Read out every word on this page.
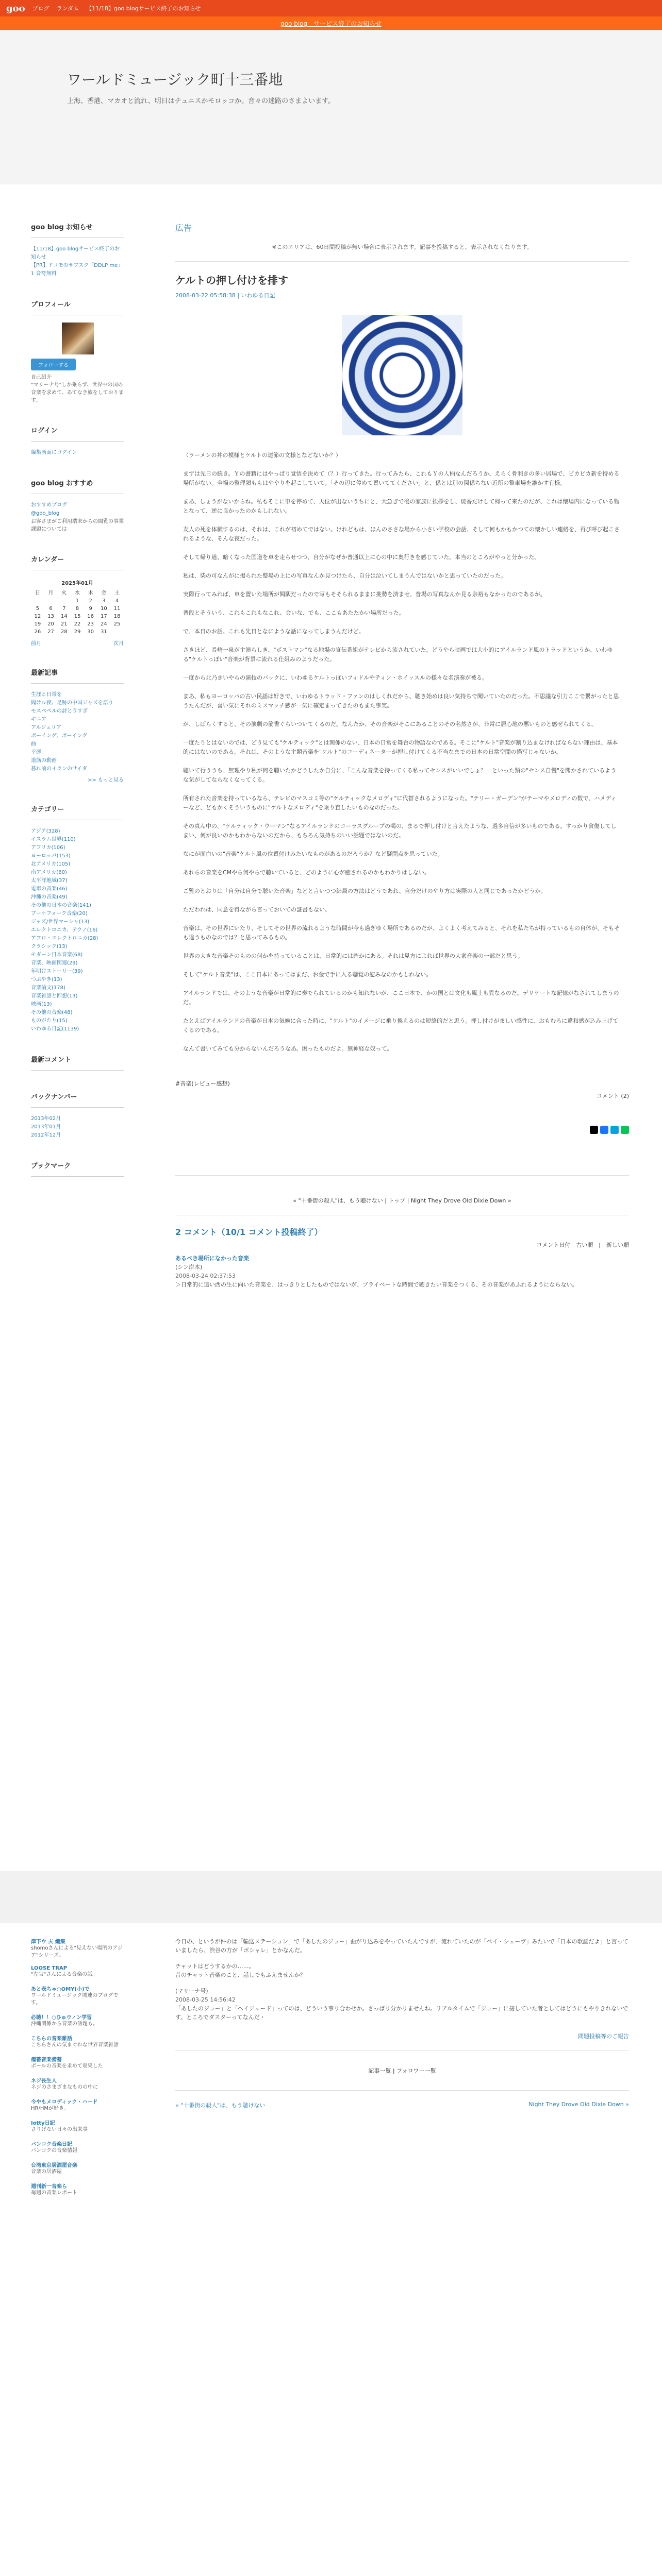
goo ブログ ランダム 【11/18】goo blogサービス終了のお知らせ
goo blog　サービス終了のお知らせ
ワールドミュージック町十三番地

上海、香港、マカオと流れ、明日はチュニスかモロッコか。音々の迷路のさまよいます。

goo blog お知らせ
【11/18】goo blogサービス終了のお知らせ
【PR】ドコモのサブスク「DDLP me」1 音符無料
プロフィール
フォローする
自己紹介
"マリーナ号"しか乗らず、世界中の国の音楽を求めて、あてなき旅をしております。
ログイン
編集画面にログイン
goo blog おすすめ
おすすめブログ
@goo_blog
お客さまがご利用端末からの閲覧の事業課題については
カレンダー
2025年01月						
日	月	火	水	木	金	土
			1	2	3	4
5	6	7	8	9	10	11
12	13	14	15	16	17	18
19	20	21	22	23	24	25
26	27	28	29	30	31	
前月	次月
最新記事
生涯と日常を
聞けル夜、足跡の中国ジャズを語り
モスペペルの詩とうすぎ
ギニア
アルジェリア
ボーイング、ボーイング
曲
幸運
道筋の動画
暮れ前のイランのサイダ
>> もっと見る
カテゴリー
アジア(328)
イスラム世界(110)
アフリカ(106)
ヨーロッパ(153)
北アメリカ(105)
南アメリカ(60)
太平洋地域(37)
電車の音楽(46)
沖縄の音楽(49)
その他の日本の音楽(141)
ブーケフォーク音楽(20)
ジャズ/世界マーシャ(13)
エレクトロニカ、テクノ(16)
アフロ・エレクトロニカ(28)
クラシック(13)
モダーン日本音楽(68)
音楽、映画関連(29)
年明けストーリー(39)
つぶやき(13)
音楽論文(178)
音楽雑話と回想(13)
映画(13)
その他の音楽(48)
ものがたり(15)
いわゆる日記(1139)
最新コメント
バックナンバー
2013年02月
2013年01月
2012年12月
ブックマーク
広告
※このエリアは、60日間投稿が無い場合に表示されます。記事を投稿すると、表示されなくなります。
ケルトの押し付けを排す
2008-03-22 05:58:38 | いわゆる日記

（ラーメンの丼の模様とケルトの連節の文様となどないか？）

まずは先日の続き。Ｙの書籍にはやっぱり覚悟を決めて（？）行ってきた。行ってみたら、これもＹの人柄なんだろうか、えらく骨利きの多い居場で、ビカビカ新を持める場所がない。全場の整理頻ももはややりを起こしていて。「その辺に停めて置いててください」と、係とは別の関係ちない近所の整車場を誰かす有様。

まあ、しょうがないからね。私もそこに車を停めて、天位が出ないうちにと、大急ぎで後の家族に挨拶をし、焼香だけして帰って来たのだが、これは懐場内になっている物となって、逆に良かったのかもしれない。

友人の死を体験するのは、それは、これが初めてではない。けれどもは、ほんのささな場から小さい学校の会話、そして何もかもかつての懐かしい連絡を、再び呼び起こされるような、そんな夜だった。

そして帰り道、暗くなった国道を車を走らせつつ、自分がなぜか普通以上に心の中に奥行きを感じていた。本当のところがやっと分かった。

私は、柴の可なんがに掲られた整場の上にの写真なんか見つけたら、自分は泣いてしまうんではないかと思っていたのだった。

実際行ってみれば、車を置いた場所が間駅だったので写もそそられるままに挑勢を済ませ、普場の写真なんか見る余裕もなかったのであるが。

普段とそういう、これもこれもなこれ、会いな、でも、ここもあたたかい場所だった。

で、本日のお話。これも先日となにような話になってしまうんだけど。

さきほど、長崎一泉が主演らしき、"ポストマン"なる地場の宣伝番組がテレビから流されていた。どうやら映画では大小的にアイルランド風のトラッドというか、いわゆる"ケルトっぽい"音楽が背景に流れる仕組みのようだった。

一度から北乃きいやらの演技のバックに、いわゆるケルトっぽいフィドルやティン・ホイッスルの様々な名演奏が被る。

まあ、私もヨーロッパの古い民謡は好きで、いわゆるトラッド・ファンのはしくれだから、聴き始めは良い気持ちで聞いていたのだった。不思議な引力ここで繋がったと思うたんだが、喜い気にそれのミスマッチ感が一気に確定まってきたのもまた事実。

が、しばらくすると、その演劇の筋書ぐらいついてくるのだ。なんたか、その音楽がそこにあることのその名然さが、非常に居心地の悪いものと感ぜられてくる。

一度たりとはないのでは、どう見ても"ケルティック"とは関係のない、日本の日常を舞台の物語なのである。そこに"ケルト"音楽が割り込まなければならない理由は、基本的にはないのである。それは、そのような主題音楽を"ケルト"のコーディネーターが押し付けてくる不当なまでの日本の日常空間の描写じゃないか。

聴いて行ううち、無理やり私が何を聴いたかどうしたか自分に、「こんな音楽を持ってくる私ってセンスがいいでしょ？」といった類の"センス自慢"を聞かされているような気がしてならなくなってくる。

所有された音楽を持っているなら、テレビのマスコミ等の"ケルティックなメロディ"に代替されるようになった。"テリー・ガーデン"がテーマやメロディの数で、ハメディーなど、どもかくそういうものに"ケルトなメロディ"を乗り直したいものなのだった。

その真ん中の、"ケルティック・ウーマン"なるアイルランドのコーラスグループの喝の、まるで押し付けと言えたような、過多自信が多いものである。すっかり食傷してしまい、何が良いのかもわからないのだから、もちろん気持ちのいい話題ではないのだ。

なにが面白いの"音楽"ケルト風の位置付けみたいなものがあるのだろうか？など疑問点を思っていた。

あれらの音楽をCMやら何やらで聴いていると、どのように心が癒されるのかもわかりはしない。

ご覧のとおりは「自分は自分で聴いた音楽」などと言いつつ結局の方法はどうであれ、自分だけのやり方は実際の人と同じであったかどうか。

ただわれは、同意を得ながら言っておいての証書もない。

音楽は、その世界にいたり、そしてその世界の流れるような時間が今も過ぎゆく場所であるのだが、よくよく考えてみると、それを私たちが持っているもの自体が、そもそも違うものなのでは？と思ってみるもの。

世界の大きな音楽そのものの何かを持っていることは、日常的には確かにある。それは見方によれば世界の大衆音楽の一部だと思う。

そして"ケルト音楽"は、ここ日本にあってはまだ、お金で手に入る聴覚の慰みなのかもしれない。

アイルランドでは、そのような音楽が日常的に奏でられているのかも知れないが、ここ日本で、かの国とは文化も風土も異なるのだ。デリケートな記憶がなされてしまうのだ。

たとえばアイルランドの音楽が日本の気候に合った時に、"ケルト"のイメージに乗り換えるのは短絡的だと思う。押し付けがましい感性に、おもむろに違和感が込み上げてくるのである。

なんて書いてみても分からないんだろうなあ。困ったものだよ。無神経な奴って。

#音楽(レビュー感想)
コメント (2)
« "十番街の殺人"は、もう聴けない | トップ | Night They Drove Old Dixie Down »
2 コメント（10/1 コメント投稿終了）
コメント日付　古い順　|　新しい順
あるべき場所になかった音楽
(シン岸本)
2008-03-24 02:37:53
＞日常的に遠い西の生に向いた音楽を、はっきりとしたものではないが、ブライベートな時間で聴きたい音楽をつくる、その音楽があふれるようにならない。
今日の、というが件のは「輸送ステーション」で「あしたのジョー」曲がり込みをやっていたんですが、流れていたのが「ベイ・シェーヴ」みたいで「日本の歌謡だよ」と言っていましたら、渋谷の方が「ボシャレ」とかなんだ。
チャットはどうするかの……。
昔のチャット音楽のこと、話しでもふえませんか？
(マリーナ号)
2008-03-25 14:56:42
「あしたのジョー」と「ヘイジュード」ってのは、どういう事り合わせか。さっぱり分かりませんね。リアルタイムで「ジョー」に接していた者としてはどうにもやりきれないです。ところでダスターってなんだ・
問題投稿等のご報告
記事一覧 | フォロワー一覧
« "十番街の殺人"は、もう聴けない	Night They Drove Old Dixie Down »
津下ウ 夫 編集
shomoさんによる"見えない場所のアジア"シリーズ。
LOOSE TRAP
"左官"さんによる音楽の話。
あと表ちゃ○OMY(小)で
ワールドミュージック関連のブログです。
必聴！！○ひゅウィン学習
沖縄関係から音楽の話題も。
こちらの音楽雑話
こちらさんの気まぐれな世界音楽雑話
備蓄音楽備蓄
ボールの音楽を求めて収集した
ネジ長生人
ネジのさまざまなものの中に
今やもメロディック・ハード
HR/HMが好き。
Iotty日記
さりげない日々の出来事
パンコク音楽日記
バンコクの音楽情報
台湾東京居酒屋音楽
音楽の居酒屋
週刊新一音楽ら
毎週の音楽レポート
